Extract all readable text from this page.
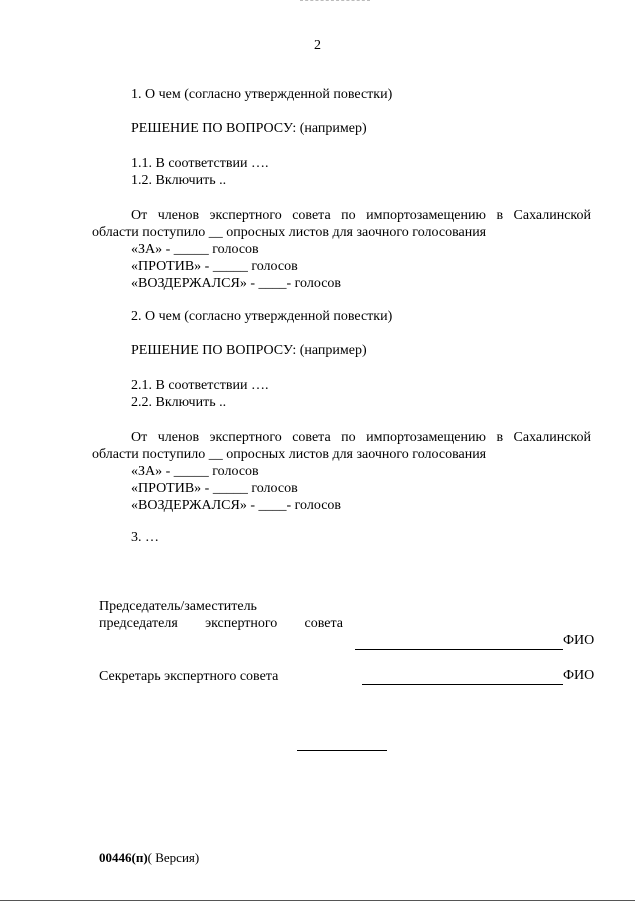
2
1. О чем (согласно утвержденной повестки)
РЕШЕНИЕ ПО ВОПРОСУ: (например)
1.1. В соответствии ….
1.2. Включить ..
От членов экспертного совета по импортозамещению в Сахалинской
области поступило __ опросных листов для заочного голосования
«ЗА» - _____ голосов
«ПРОТИВ» - _____ голосов
«ВОЗДЕРЖАЛСЯ» - ____- голосов
2. О чем (согласно утвержденной повестки)
РЕШЕНИЕ ПО ВОПРОСУ: (например)
2.1. В соответствии ….
2.2. Включить ..
От членов экспертного совета по импортозамещению в Сахалинской
области поступило __ опросных листов для заочного голосования
«ЗА» - _____ голосов
«ПРОТИВ» - _____ голосов
«ВОЗДЕРЖАЛСЯ» - ____- голосов
3. …
Председатель/заместитель
председателя экспертного совета
ФИО
Секретарь экспертного совета	ФИО
00446(п)( Версия)
